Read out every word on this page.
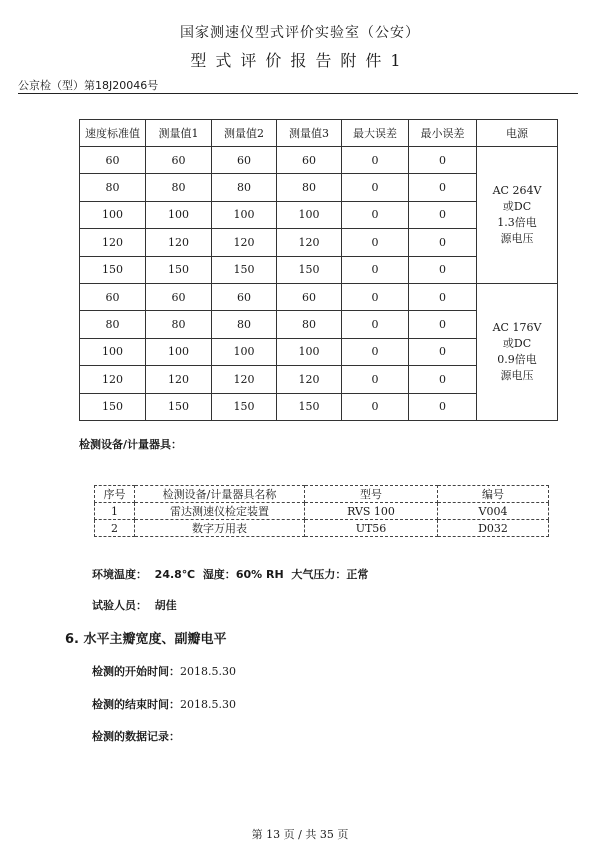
国家测速仪型式评价实验室（公安）
型式评价报告附件1
公京检（型）第18J20046号
速度标准值	测量值1	测量值2	测量值3	最大误差	最小误差	电源
60	60	60	60	0	0	AC 264V
或DC
1.3倍电
源电压

80	80	80	80	0	0	
100	100	100	100	0	0	
120	120	120	120	0	0	
150	150	150	150	0	0	
60	60	60	60	0	0	AC 176V
或DC
0.9倍电
源电压

80	80	80	80	0	0	
100	100	100	100	0	0	
120	120	120	120	0	0	
150	150	150	150	0	0	
检测设备/计量器具：
序号	检测设备/计量器具名称	型号	编号
1	雷达测速仪检定装置	RVS 100	V004
2	数字万用表	UT56	D032
环境温度： 24.8℃ 湿度：60% RH 大气压力：正常
试验人员： 胡佳
6. 水平主瓣宽度、副瓣电平
检测的开始时间：2018.5.30
检测的结束时间：2018.5.30
检测的数据记录：
第 13 页 / 共 35 页
